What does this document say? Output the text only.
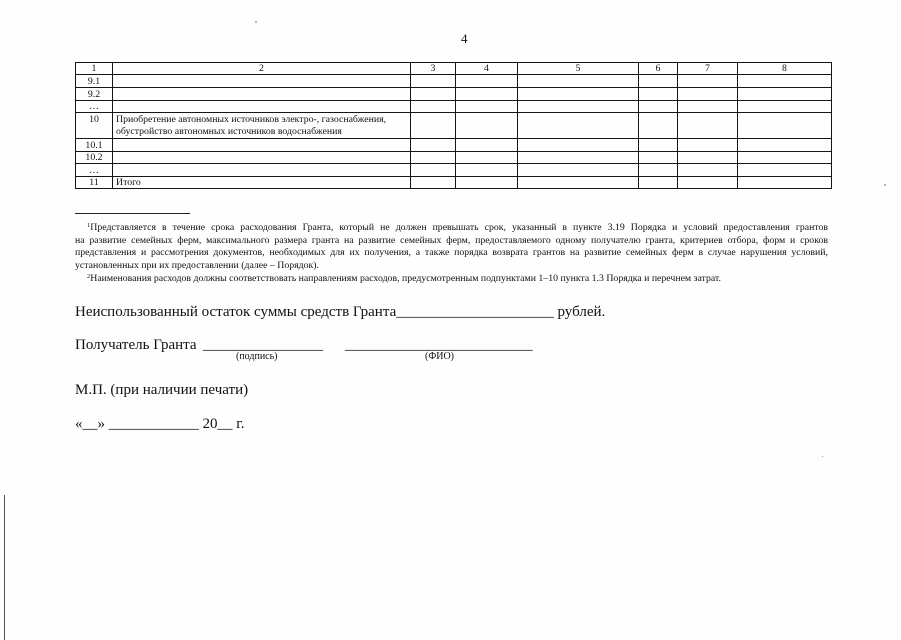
4
1	2	3	4	5	6	7	8
9.1							
9.2							
…							
10	Приобретение автономных источников электро-, газоснабжения, обустройство автономных источников водоснабжения						
10.1							
10.2							
…							
11	Итого						
$^1$Представляется в течение срока расходования Гранта, который не должен превышать срок, указанный в пункте 3.19 Порядка и условий предоставления грантов
на развитие семейных ферм, максимального размера гранта на развитие семейных ферм, предоставляемого одному получателю гранта, критериев отбора, форм и сроков
представления и рассмотрения документов, необходимых для их получения, а также порядка возврата грантов на развитие семейных ферм в случае нарушения условий,
установленных при их предоставлении (далее – Порядок).
$^2$Наименования расходов должны соответствовать направлениям расходов, предусмотренным подпунктами 1–10 пункта 1.3 Порядка и перечнем затрат.
Неиспользованный остаток суммы средств Гранта_____________________ рублей.
Получатель Гранта ________________ _________________________
(подпись)	(ФИО)
М.П. (при наличии печати)
«__» ____________ 20__ г.
